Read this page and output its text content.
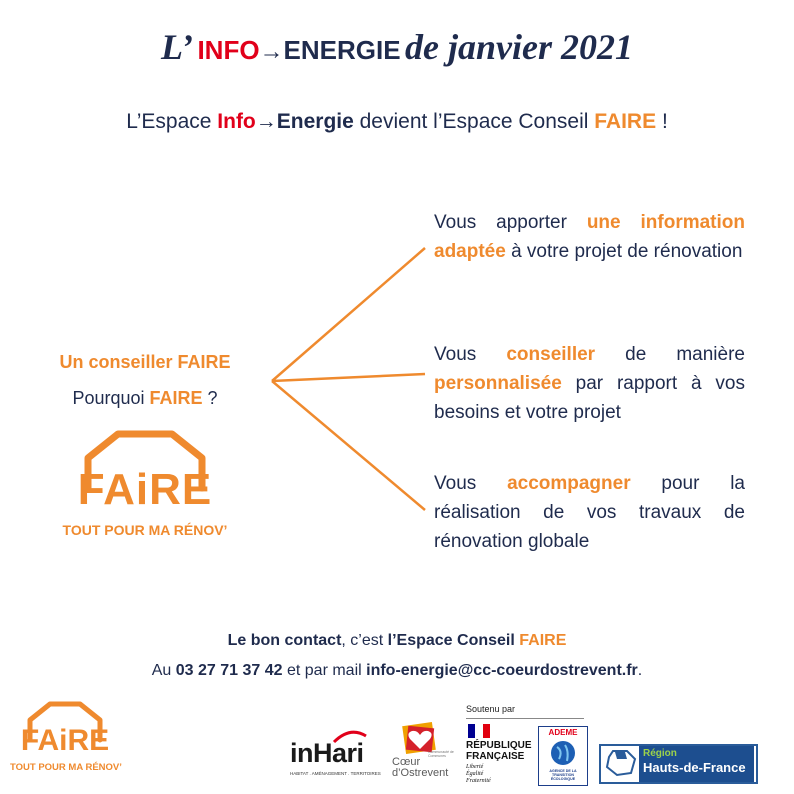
L’ INFO→ENERGIE de janvier 2021
L’Espace Info→Energie devient l’Espace Conseil FAIRE !
Un conseiller FAIRE
Pourquoi FAIRE ?
FAiRE
TOUT POUR MA RÉNOV’
Vous apporter une information adaptée à votre projet de rénovation
Vous conseiller de manière personnalisée par rapport à vos besoins et votre projet
Vous accompagner pour la réalisation de vos travaux de rénovation globale
Le bon contact, c’est l’Espace Conseil FAIRE
Au 03 27 71 37 42 et par mail info-energie@cc-coeurdostrevent.fr.
FAiRE
TOUT POUR MA RÉNOV’	inHari
HABITAT . AMÉNAGEMENT . TERRITOIRES
Cœur
d’Ostrevent
Communauté de Communes
Soutenu par
RÉPUBLIQUE
FRANÇAISE
Liberté
Égalité
Fraternité
ADEME
AGENCE DE LA TRANSITION ÉCOLOGIQUE
Région
Hauts-de-France
